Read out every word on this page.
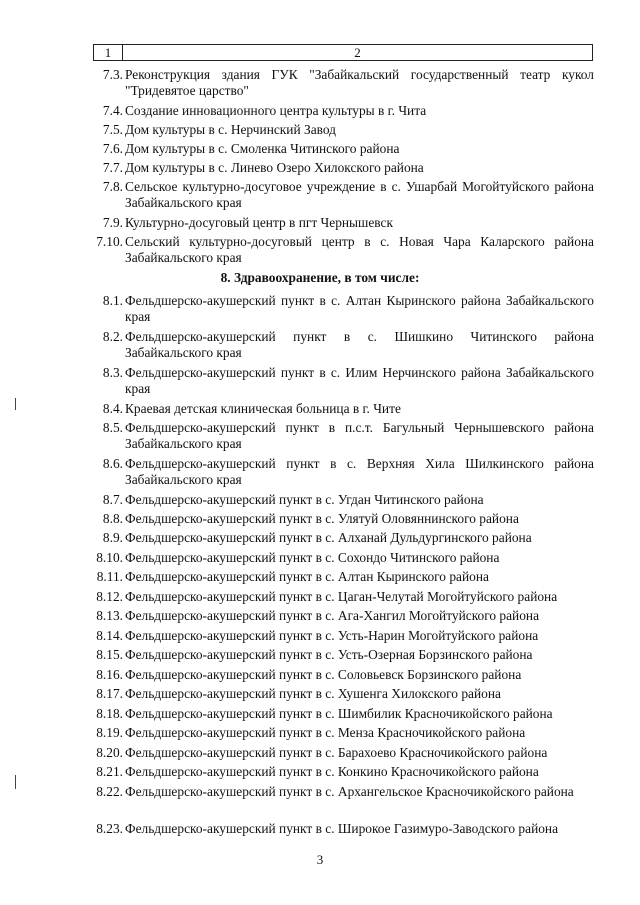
1	2
7.3. Реконструкция здания ГУК "Забайкальский государственный театр кукол "Тридевятое царство"
7.4. Создание инновационного центра культуры в г. Чита
7.5. Дом культуры в с. Нерчинский Завод
7.6. Дом культуры в с. Смоленка Читинского района
7.7. Дом культуры в с. Линево Озеро Хилокского района
7.8. Сельское культурно-досуговое учреждение в с. Ушарбай Могойтуйского района Забайкальского края
7.9. Культурно-досуговый центр в пгт Чернышевск
7.10. Сельский культурно-досуговый центр в с. Новая Чара Каларского района Забайкальского края
8. Здравоохранение, в том числе:
8.1. Фельдшерско-акушерский пункт в с. Алтан Кыринского района Забайкальского края
8.2. Фельдшерско-акушерский пункт в с. Шишкино Читинского района Забайкальского края
8.3. Фельдшерско-акушерский пункт в с. Илим Нерчинского района Забайкальского края
8.4. Краевая детская клиническая больница в г. Чите
8.5. Фельдшерско-акушерский пункт в п.с.т. Багульный Чернышевского района Забайкальского края
8.6. Фельдшерско-акушерский пункт в с. Верхняя Хила Шилкинского района Забайкальского края
8.7. Фельдшерско-акушерский пункт в с. Угдан Читинского района
8.8. Фельдшерско-акушерский пункт в с. Улятуй Оловяннинского района
8.9. Фельдшерско-акушерский пункт в с. Алханай Дульдургинского района
8.10. Фельдшерско-акушерский пункт в с. Сохондо Читинского района
8.11. Фельдшерско-акушерский пункт в с. Алтан Кыринского района
8.12. Фельдшерско-акушерский пункт в с. Цаган-Челутай Могойтуйского района
8.13. Фельдшерско-акушерский пункт в с. Ага-Хангил Могойтуйского района
8.14. Фельдшерско-акушерский пункт в с. Усть-Нарин Могойтуйского района
8.15. Фельдшерско-акушерский пункт в с. Усть-Озерная Борзинского района
8.16. Фельдшерско-акушерский пункт в с. Соловьевск Борзинского района
8.17. Фельдшерско-акушерский пункт в с. Хушенга Хилокского района
8.18. Фельдшерско-акушерский пункт в с. Шимбилик Красночикойского района
8.19. Фельдшерско-акушерский пункт в с. Менза Красночикойского района
8.20. Фельдшерско-акушерский пункт в с. Барахоево Красночикойского района
8.21. Фельдшерско-акушерский пункт в с. Конкино Красночикойского района
8.22. Фельдшерско-акушерский пункт в с. Архангельское Красночикойского района
8.23. Фельдшерско-акушерский пункт в с. Широкое Газимуро-Заводского района
3
